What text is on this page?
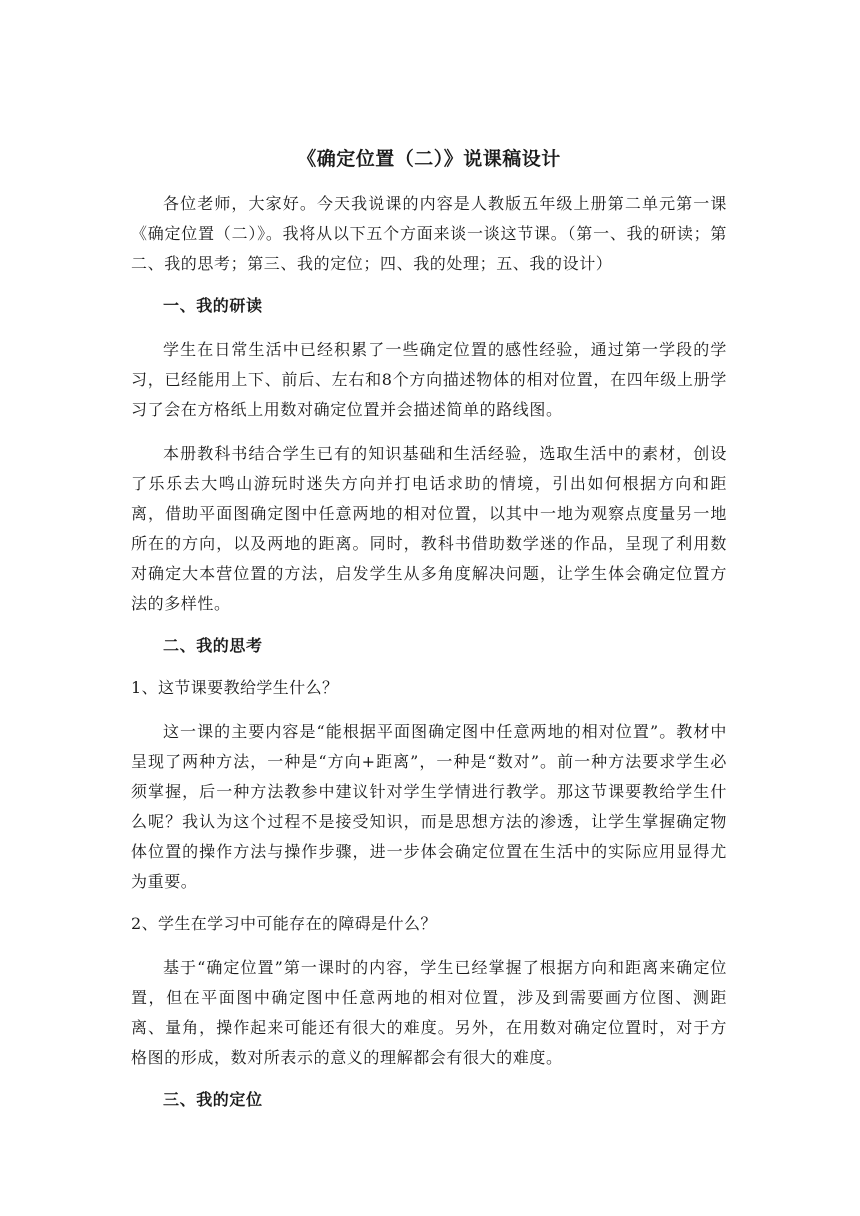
《确定位置（二）》说课稿设计

各位老师，大家好。今天我说课的内容是人教版五年级上册第二单元第一课《确定位置（二）》。我将从以下五个方面来谈一谈这节课。（第一、我的研读；第二、我的思考；第三、我的定位；四、我的处理；五、我的设计）

一、我的研读

学生在日常生活中已经积累了一些确定位置的感性经验，通过第一学段的学习，已经能用上下、前后、左右和8个方向描述物体的相对位置，在四年级上册学习了会在方格纸上用数对确定位置并会描述简单的路线图。

本册教科书结合学生已有的知识基础和生活经验，选取生活中的素材，创设了乐乐去大鸣山游玩时迷失方向并打电话求助的情境，引出如何根据方向和距离，借助平面图确定图中任意两地的相对位置，以其中一地为观察点度量另一地所在的方向，以及两地的距离。同时，教科书借助数学迷的作品，呈现了利用数对确定大本营位置的方法，启发学生从多角度解决问题，让学生体会确定位置方法的多样性。

二、我的思考
1、这节课要教给学生什么？

这一课的主要内容是“能根据平面图确定图中任意两地的相对位置”。教材中呈现了两种方法，一种是“方向+距离”，一种是“数对”。前一种方法要求学生必须掌握，后一种方法教参中建议针对学生学情进行教学。那这节课要教给学生什么呢？我认为这个过程不是接受知识，而是思想方法的渗透，让学生掌握确定物体位置的操作方法与操作步骤，进一步体会确定位置在生活中的实际应用显得尤为重要。

2、学生在学习中可能存在的障碍是什么？

基于“确定位置”第一课时的内容，学生已经掌握了根据方向和距离来确定位置，但在平面图中确定图中任意两地的相对位置，涉及到需要画方位图、测距离、量角，操作起来可能还有很大的难度。另外，在用数对确定位置时，对于方格图的形成，数对所表示的意义的理解都会有很大的难度。

三、我的定位
